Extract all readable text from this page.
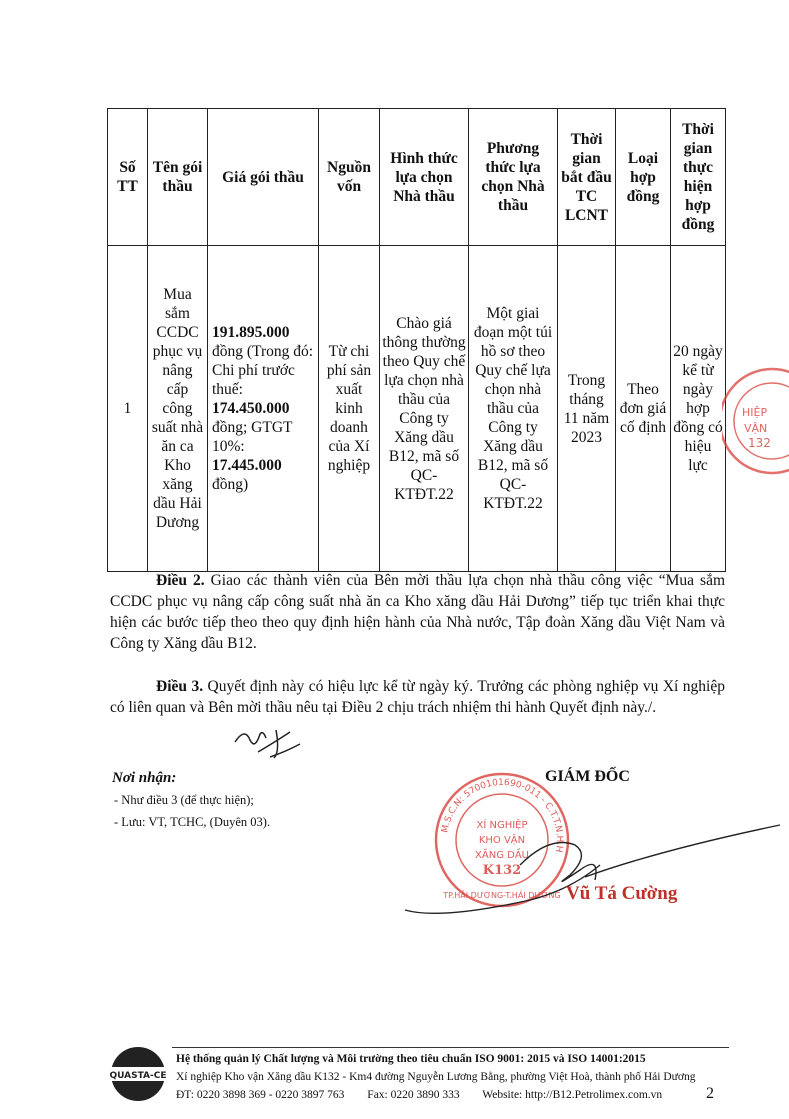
Số TT	Tên gói thầu	Giá gói thầu	Nguồn vốn	Hình thức lựa chọn Nhà thầu	Phương thức lựa chọn Nhà thầu	Thời gian bắt đầu TC LCNT	Loại hợp đồng	Thời gian thực hiện hợp đồng
1	Mua sắm CCDC phục vụ nâng cấp công suất nhà ăn ca Kho xăng dầu Hải Dương	191.895.000 đồng (Trong đó: Chi phí trước thuế: 174.450.000 đồng; GTGT 10%: 17.445.000 đồng)	Từ chi phí sản xuất kinh doanh của Xí nghiệp	Chào giá thông thường theo Quy chế lựa chọn nhà thầu của Công ty Xăng dầu B12, mã số QC-KTĐT.22	Một giai đoạn một túi hồ sơ theo Quy chế lựa chọn nhà thầu của Công ty Xăng dầu B12, mã số QC-KTĐT.22	Trong tháng 11 năm 2023	Theo đơn giá cố định	20 ngày kể từ ngày hợp đồng có hiệu lực
HIỆP
VẬN
132
Điều 2. Giao các thành viên của Bên mời thầu lựa chọn nhà thầu công việc “Mua sắm CCDC phục vụ nâng cấp công suất nhà ăn ca Kho xăng dầu Hải Dương” tiếp tục triển khai thực hiện các bước tiếp theo theo quy định hiện hành của Nhà nước, Tập đoàn Xăng dầu Việt Nam và Công ty Xăng dầu B12.
Điều 3. Quyết định này có hiệu lực kể từ ngày ký. Trưởng các phòng nghiệp vụ Xí nghiệp có liên quan và Bên mời thầu nêu tại Điều 2 chịu trách nhiệm thi hành Quyết định này./.
Nơi nhận:
- Như điều 3 (để thực hiện);
- Lưu: VT, TCHC, (Duyên 03).
GIÁM ĐỐC
M.S.C.N: 5700101690-011 - C.T.T.N.H.H
XÍ NGHIỆP
KHO VẬN
XĂNG DẦU
K132
TP.HẢI DƯƠNG-T.HẢI DƯƠNG Vũ Tá Cường
QUASTA-CE
Hệ thống quản lý Chất lượng và Môi trường theo tiêu chuẩn ISO 9001: 2015 và ISO 14001:2015
Xí nghiệp Kho vận Xăng dầu K132 - Km4 đường Nguyễn Lương Bằng, phường Việt Hoà, thành phố Hải Dương
ĐT: 0220 3898 369 - 0220 3897 763 Fax: 0220 3890 333 Website: http://B12.Petrolimex.com.vn	2
